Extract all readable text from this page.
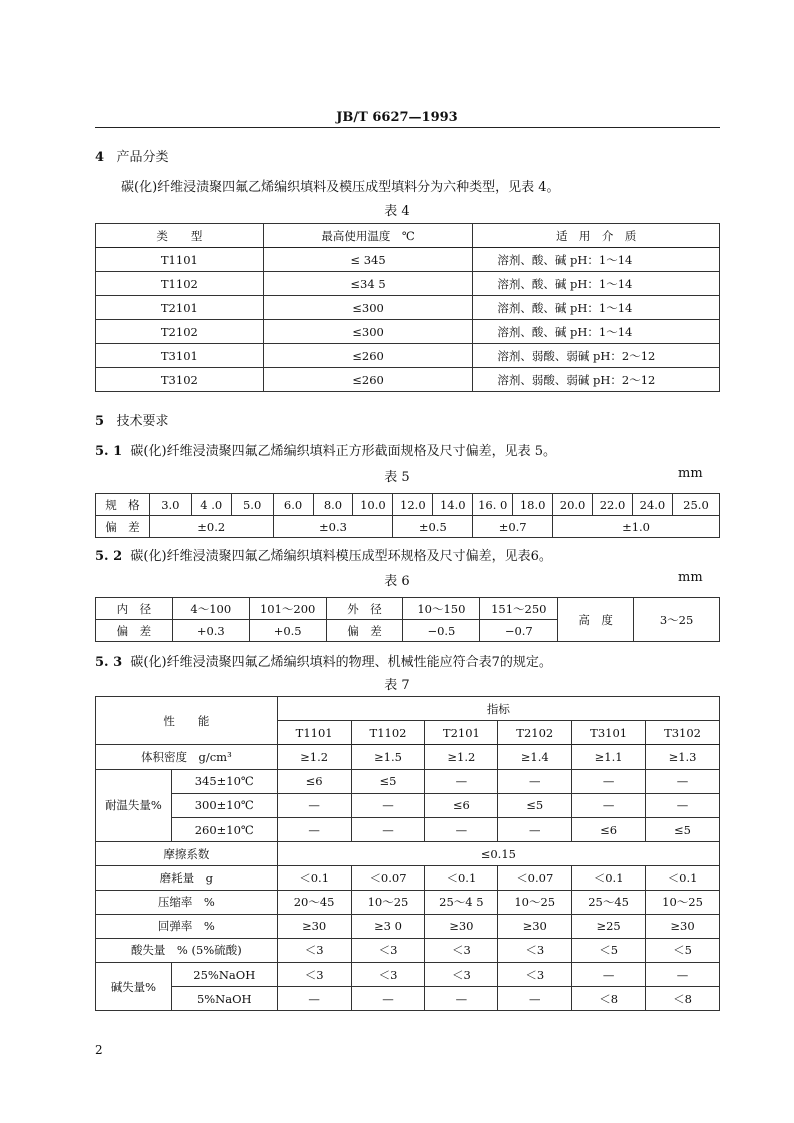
JB/T 6627—1993
4 产品分类
碳(化)纤维浸渍聚四氟乙烯编织填料及模压成型填料分为六种类型，见表 4。
表 4
类　　型	最高使用温度　℃	适　用　介　质
T1101	≤ 345	溶剂、酸、碱 pH：1～14
T1102	≤34 5	溶剂、酸、碱 pH：1～14
T2101	≤300	溶剂、酸、碱 pH：1～14
T2102	≤300	溶剂、酸、碱 pH：1～14
T3101	≤260	溶剂、弱酸、弱碱 pH：2～12
T3102	≤260	溶剂、弱酸、弱碱 pH：2～12
5 技术要求
5. 1 碳(化)纤维浸渍聚四氟乙烯编织填料正方形截面规格及尺寸偏差，见表 5。
表 5	mm
规　格	3.0	4 .0	5.0	6.0	8.0	10.0	12.0	14.0	16. 0	18.0	20.0	22.0	24.0	25.0
偏　差	±0.2			±0.3			±0.5		±0.7		±1.0			
5. 2 碳(化)纤维浸渍聚四氟乙烯编织填料模压成型环规格及尺寸偏差，见表6。
表 6	mm
内　径	4～100	101～200	外　径	10～150	151～250	高　度	3～25
偏　差	+0.3	+0.5	偏　差	−0.5	−0.7		
5. 3 碳(化)纤维浸渍聚四氟乙烯编织填料的物理、机械性能应符合表7的规定。
表 7
性　　能		指标					
		T1101	T1102	T2101	T2102	T3101	T3102
体积密度　g/cm³		≥1.2	≥1.5	≥1.2	≥1.4	≥1.1	≥1.3
耐温失量%	345±10℃	≤6	≤5	—	—	—	—
	300±10℃	—	—	≤6	≤5	—	—
	260±10℃	—	—	—	—	≤6	≤5
摩擦系数		≤0.15					
磨耗量　g		＜0.1	＜0.07	＜0.1	＜0.07	＜0.1	＜0.1
压缩率　%		20～45	10～25	25～4 5	10～25	25～45	10～25
回弹率　%		≥30	≥3 0	≥30	≥30	≥25	≥30
酸失量　% (5%硫酸)		＜3	＜3	＜3	＜3	＜5	＜5
碱失量%	25%NaOH	＜3	＜3	＜3	＜3	—	—
	5%NaOH	—	—	—	—	＜8	＜8
2
